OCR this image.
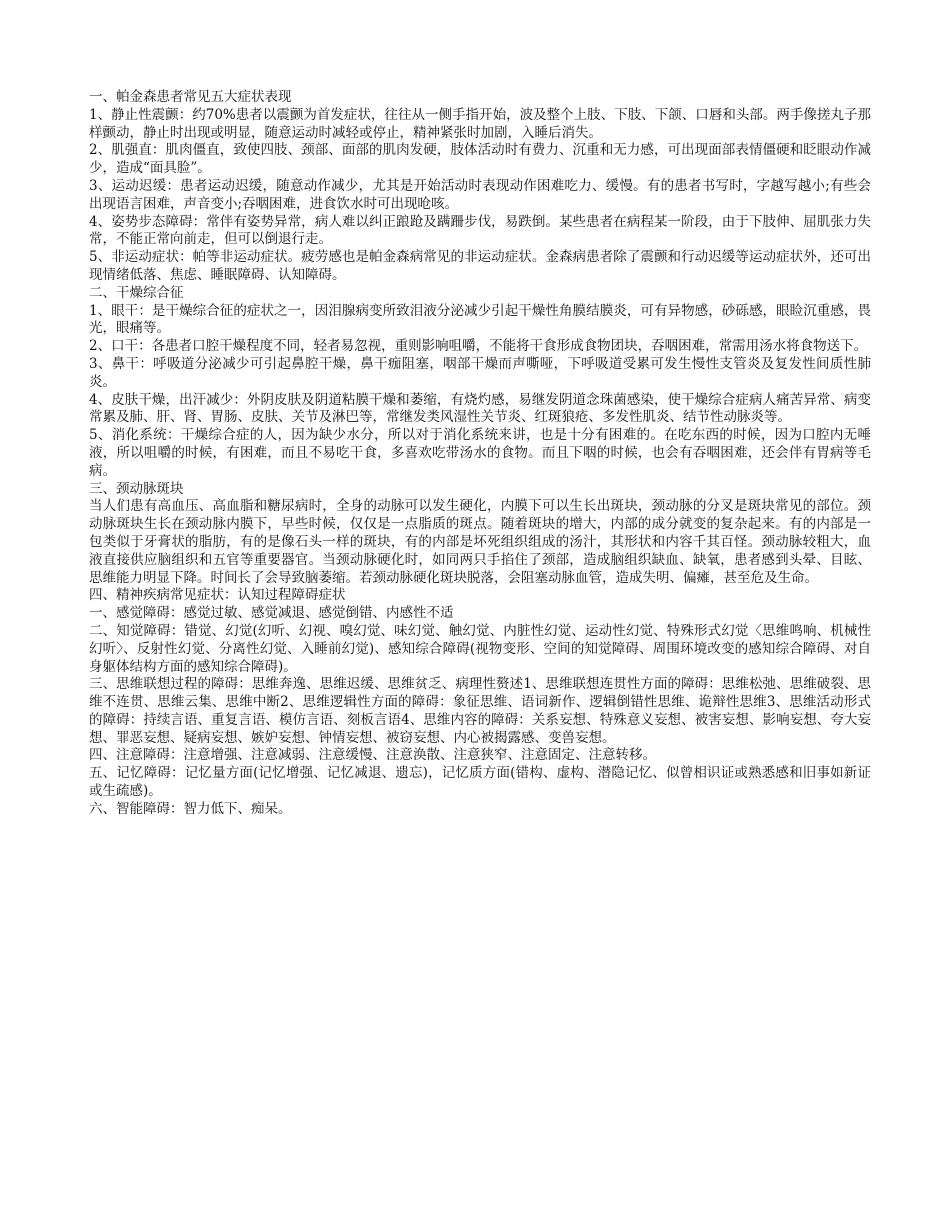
一、帕金森患者常见五大症状表现

1、静止性震颤：约70%患者以震颤为首发症状，往往从一侧手指开始，波及整个上肢、下肢、下颌、口唇和头部。两手像搓丸子那样颤动，静止时出现或明显，随意运动时减轻或停止，精神紧张时加剧，入睡后消失。

2、肌强直：肌肉僵直，致使四肢、颈部、面部的肌肉发硬，肢体活动时有费力、沉重和无力感，可出现面部表情僵硬和眨眼动作减少，造成“面具脸”。

3、运动迟缓：患者运动迟缓，随意动作减少，尤其是开始活动时表现动作困难吃力、缓慢。有的患者书写时，字越写越小;有些会出现语言困难，声音变小;吞咽困难，进食饮水时可出现呛咳。

4、姿势步态障碍：常伴有姿势异常，病人难以纠正踉跄及蹒跚步伐，易跌倒。某些患者在病程某一阶段，由于下肢伸、屈肌张力失常，不能正常向前走，但可以倒退行走。

5、非运动症状：帕等非运动症状。疲劳感也是帕金森病常见的非运动症状。金森病患者除了震颤和行动迟缓等运动症状外，还可出现情绪低落、焦虑、睡眠障碍、认知障碍。

二、干燥综合征

1、眼干：是干燥综合征的症状之一，因泪腺病变所致泪液分泌减少引起干燥性角膜结膜炎，可有异物感，砂砾感，眼睑沉重感，畏光，眼痛等。

2、口干：各患者口腔干燥程度不同，轻者易忽视，重则影响咀嚼，不能将干食形成食物团块，吞咽困难，常需用汤水将食物送下。

3、鼻干：呼吸道分泌减少可引起鼻腔干燥，鼻干痂阻塞，咽部干燥而声嘶哑，下呼吸道受累可发生慢性支管炎及复发性间质性肺炎。

4、皮肤干燥，出汗减少：外阴皮肤及阴道粘膜干燥和萎缩，有烧灼感，易继发阴道念珠菌感染，使干燥综合症病人痛苦异常、病变常累及肺、肝、肾、胃肠、皮肤、关节及淋巴等，常继发类风湿性关节炎、红斑狼疮、多发性肌炎、结节性动脉炎等。

5、消化系统：干燥综合症的人，因为缺少水分，所以对于消化系统来讲，也是十分有困难的。在吃东西的时候，因为口腔内无唾液，所以咀嚼的时候，有困难，而且不易吃干食，多喜欢吃带汤水的食物。而且下咽的时候，也会有吞咽困难，还会伴有胃病等毛病。

三、颈动脉斑块

当人们患有高血压、高血脂和糖尿病时，全身的动脉可以发生硬化，内膜下可以生长出斑块，颈动脉的分叉是斑块常见的部位。颈动脉斑块生长在颈动脉内膜下，早些时候，仅仅是一点脂质的斑点。随着斑块的增大，内部的成分就变的复杂起来。有的内部是一包类似于牙膏状的脂肪，有的是像石头一样的斑块，有的内部是坏死组织组成的汤汁，其形状和内容千其百怪。颈动脉较粗大，血液直接供应脑组织和五官等重要器官。当颈动脉硬化时，如同两只手掐住了颈部，造成脑组织缺血、缺氧，患者感到头晕、目眩、思维能力明显下降。时间长了会导致脑萎缩。若颈动脉硬化斑块脱落，会阻塞动脉血管，造成失明、偏瘫，甚至危及生命。

四、精神疾病常见症状：认知过程障碍症状

一、感觉障碍：感觉过敏、感觉减退、感觉倒错、内感性不适

二、知觉障碍：错觉、幻觉(幻听、幻视、嗅幻觉、味幻觉、触幻觉、内脏性幻觉、运动性幻觉、特殊形式幻觉〈思维鸣响、机械性幻听〉、反射性幻觉、分离性幻觉、入睡前幻觉)、感知综合障碍(视物变形、空间的知觉障碍、周围环境改变的感知综合障碍、对自身躯体结构方面的感知综合障碍)。

三、思维联想过程的障碍：思维奔逸、思维迟缓、思维贫乏、病理性赘述1、思维联想连贯性方面的障碍：思维松弛、思维破裂、思维不连贯、思维云集、思维中断2、思维逻辑性方面的障碍：象征思维、语词新作、逻辑倒错性思维、诡辩性思维3、思维活动形式的障碍：持续言语、重复言语、模仿言语、刻板言语4、思维内容的障碍：关系妄想、特殊意义妄想、被害妄想、影响妄想、夸大妄想、罪恶妄想、疑病妄想、嫉妒妄想、钟情妄想、被窃妄想、内心被揭露感、变兽妄想。

四、注意障碍：注意增强、注意减弱、注意缓慢、注意涣散、注意狭窄、注意固定、注意转移。

五、记忆障碍：记忆量方面(记忆增强、记忆减退、遗忘)，记忆质方面(错构、虚构、潜隐记忆、似曾相识证或熟悉感和旧事如新证或生疏感)。

六、智能障碍：智力低下、痴呆。
